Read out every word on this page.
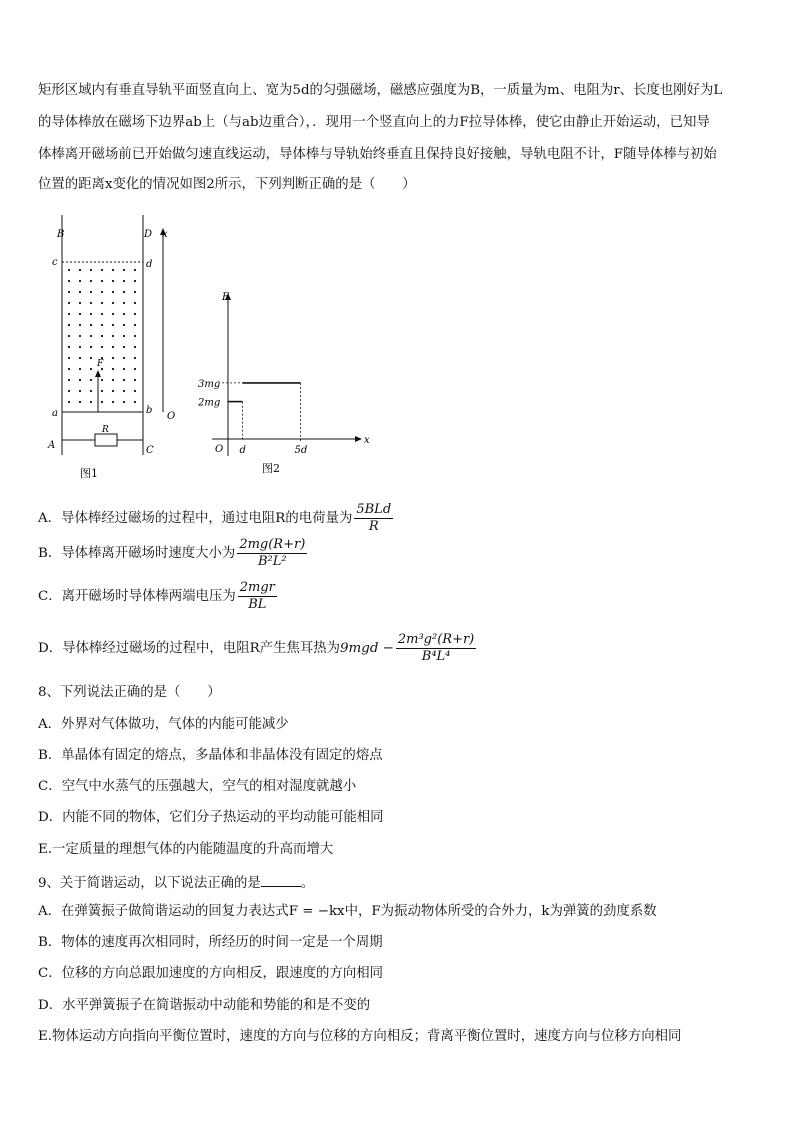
矩形区域内有垂直导轨平面竖直向上、宽为5d的匀强磁场，磁感应强度为B，一质量为m、电阻为r、长度也刚好为L
的导体棒放在磁场下边界ab上（与ab边重合），．现用一个竖直向上的力F拉导体棒，使它由静止开始运动，已知导
体棒离开磁场前已开始做匀速直线运动，导体棒与导轨始终垂直且保持良好接触，导轨电阻不计，F随导体棒与初始
位置的距离x变化的情况如图2所示，下列判断正确的是（　　）
B	D x
c	d
F
a	b
O
A
R
C
图1
3mg
2mg
d	5d
F
x
O
图2
A．导体棒经过磁场的过程中，通过电阻R的电荷量为 $\frac{\text{5BLd}}{R}$
B．导体棒离开磁场时速度大小为 $\frac{2mg(R+r)}{\text{B²L²}}$
C．离开磁场时导体棒两端电压为 $\frac{\text{2mgr}}{BL}$
D．导体棒经过磁场的过程中，电阻R产生焦耳热为$9mgd - \frac{\text{2m³g²(R+r)}}{\text{B⁴L⁴}}$
8、下列说法正确的是（　　）
A．外界对气体做功，气体的内能可能减少
B．单晶体有固定的熔点，多晶体和非晶体没有固定的熔点
C．空气中水蒸气的压强越大，空气的相对湿度就越小
D．内能不同的物体，它们分子热运动的平均动能可能相同
E.一定质量的理想气体的内能随温度的升高而增大
9、关于简谐运动，以下说法正确的是	。
A．在弹簧振子做简谐运动的回复力表达式F = −kx中，F为振动物体所受的合外力，k为弹簧的劲度系数
B．物体的速度再次相同时，所经历的时间一定是一个周期
C．位移的方向总跟加速度的方向相反，跟速度的方向相同
D．水平弹簧振子在简谐振动中动能和势能的和是不变的
E.物体运动方向指向平衡位置时，速度的方向与位移的方向相反；背离平衡位置时，速度方向与位移方向相同
